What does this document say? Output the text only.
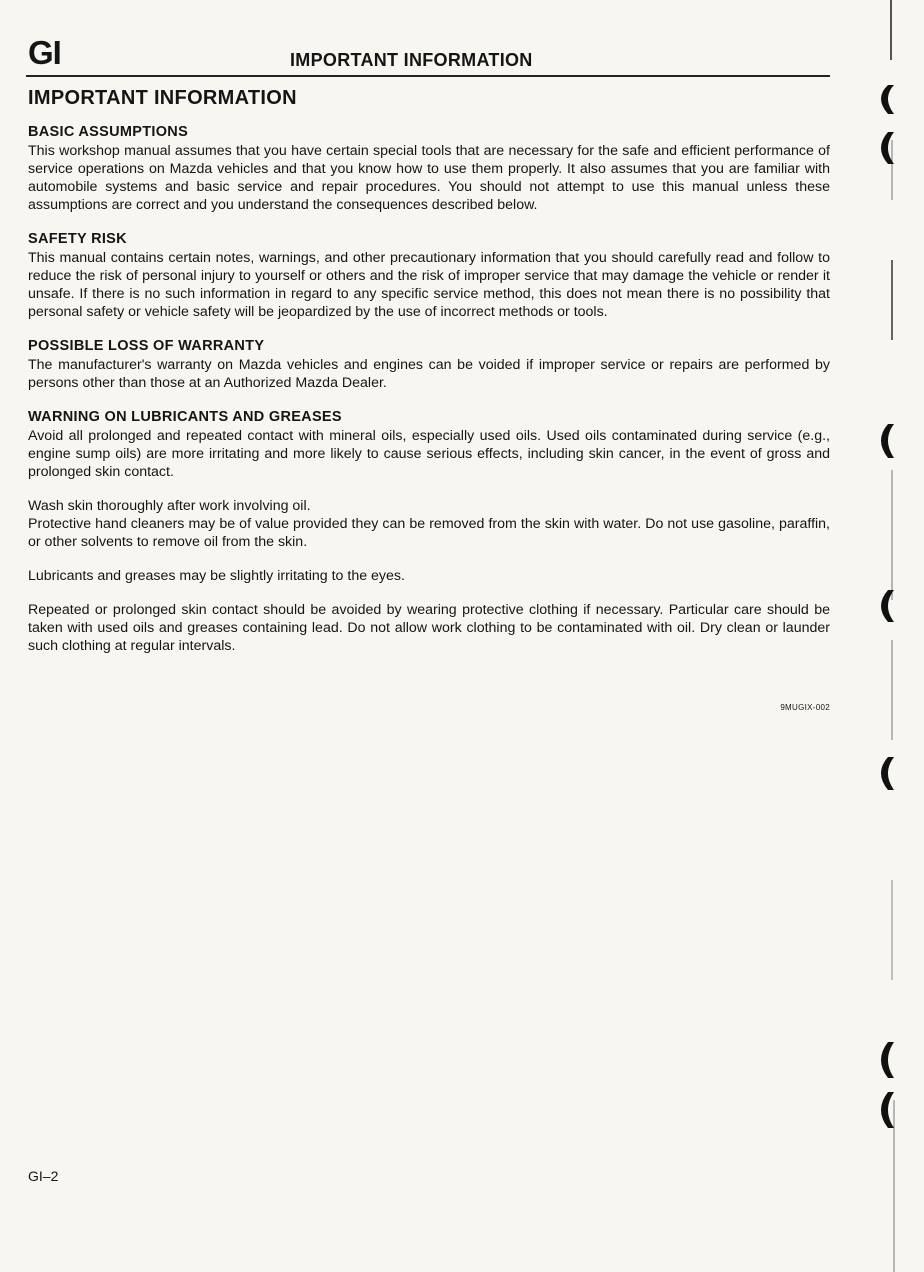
GI	IMPORTANT INFORMATION
IMPORTANT INFORMATION
BASIC ASSUMPTIONS
This workshop manual assumes that you have certain special tools that are necessary for the safe and efficient performance of service operations on Mazda vehicles and that you know how to use them properly. It also assumes that you are familiar with automobile systems and basic service and repair procedures. You should not attempt to use this manual unless these assumptions are correct and you understand the consequences described below.
SAFETY RISK
This manual contains certain notes, warnings, and other precautionary information that you should carefully read and follow to reduce the risk of personal injury to yourself or others and the risk of improper service that may damage the vehicle or render it unsafe. If there is no such information in regard to any specific service method, this does not mean there is no possibility that personal safety or vehicle safety will be jeopardized by the use of incorrect methods or tools.
POSSIBLE LOSS OF WARRANTY
The manufacturer's warranty on Mazda vehicles and engines can be voided if improper service or repairs are performed by persons other than those at an Authorized Mazda Dealer.
WARNING ON LUBRICANTS AND GREASES
Avoid all prolonged and repeated contact with mineral oils, especially used oils. Used oils contaminated during service (e.g., engine sump oils) are more irritating and more likely to cause serious effects, including skin cancer, in the event of gross and prolonged skin contact.
Wash skin thoroughly after work involving oil.
Protective hand cleaners may be of value provided they can be removed from the skin with water. Do not use gasoline, paraffin, or other solvents to remove oil from the skin.
Lubricants and greases may be slightly irritating to the eyes.
Repeated or prolonged skin contact should be avoided by wearing protective clothing if necessary. Particular care should be taken with used oils and greases containing lead. Do not allow work clothing to be contaminated with oil. Dry clean or launder such clothing at regular intervals.
9MUGIX-002
GI–2
